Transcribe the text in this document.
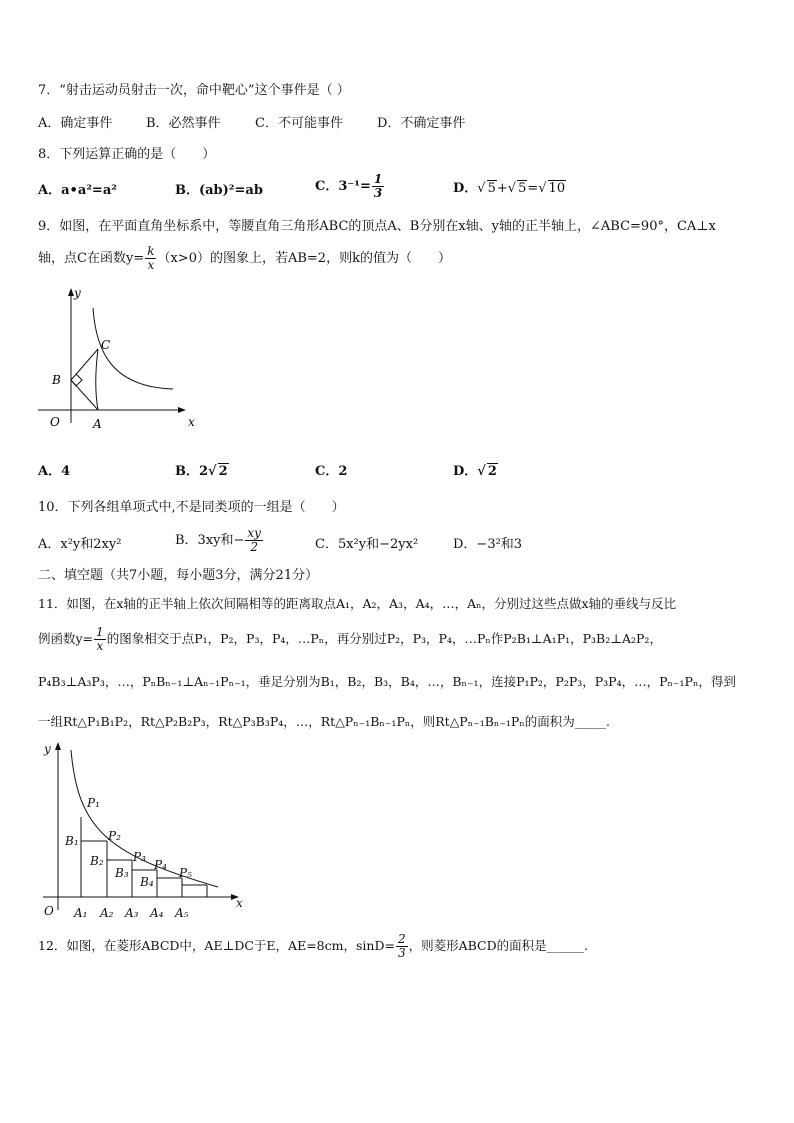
7．“射击运动员射击一次，命中靶心”这个事件是（ ）
A．确定事件	B．必然事件	C．不可能事件	D．不确定事件
8．下列运算正确的是（　　）
A．a•a²=a²	B．(ab)²=ab	C．$3^{-1}= \frac{1}{3}$	D．√ 5+√ 5=√ 10
9．如图，在平面直角坐标系中，等腰直角三角形ABC的顶点A、B分别在x轴、y轴的正半轴上，∠ABC=90°，CA⊥x
轴，点C在函数$y= \frac{k}{x} (x>0)$的图象上，若AB=2，则k的值为（　　）
y
x
O	A
B
C
A．4	B．2√ 2	C．2	D．√ 2
10．下列各组单项式中,不是同类项的一组是（　　）
A．x²y和2xy²	B．3xy和− $\frac{xy}{2}$	C．5x²y和−2yx²	D．−3²和3
二、填空题（共7小题，每小题3分，满分21分）
11．如图，在x轴的正半轴上依次间隔相等的距离取点A₁，A₂，A₃，A₄，…，Aₙ，分别过这些点做x轴的垂线与反比
例函数$y= \frac{1}{x}$ 的图象相交于点P₁，P₂，P₃，P₄，…Pₙ，再分别过P₂，P₃，P₄，…Pₙ作P₂B₁⊥A₁P₁，P₃B₂⊥A₂P₂，
P₄B₃⊥A₃P₃，…，PₙBₙ₋₁⊥Aₙ₋₁Pₙ₋₁，垂足分别为B₁，B₂，B₃，B₄，…，Bₙ₋₁，连接P₁P₂，P₂P₃，P₃P₄，…，Pₙ₋₁Pₙ，得到
一组Rt△P₁B₁P₂，Rt△P₂B₂P₃，Rt△P₃B₃P₄，…，Rt△Pₙ₋₁Bₙ₋₁Pₙ，则Rt△Pₙ₋₁Bₙ₋₁Pₙ的面积为_____.
y
x
O A₁ A₂ A₃ A₄ A₅
B₁
B₂
B₃
B₄
P₁
P₂
P₃
P₄
P₅
12．如图，在菱形ABCD中，AE⊥DC于E，AE=8cm，$\sin D= \frac{2}{3}$ ，则菱形ABCD的面积是______.
